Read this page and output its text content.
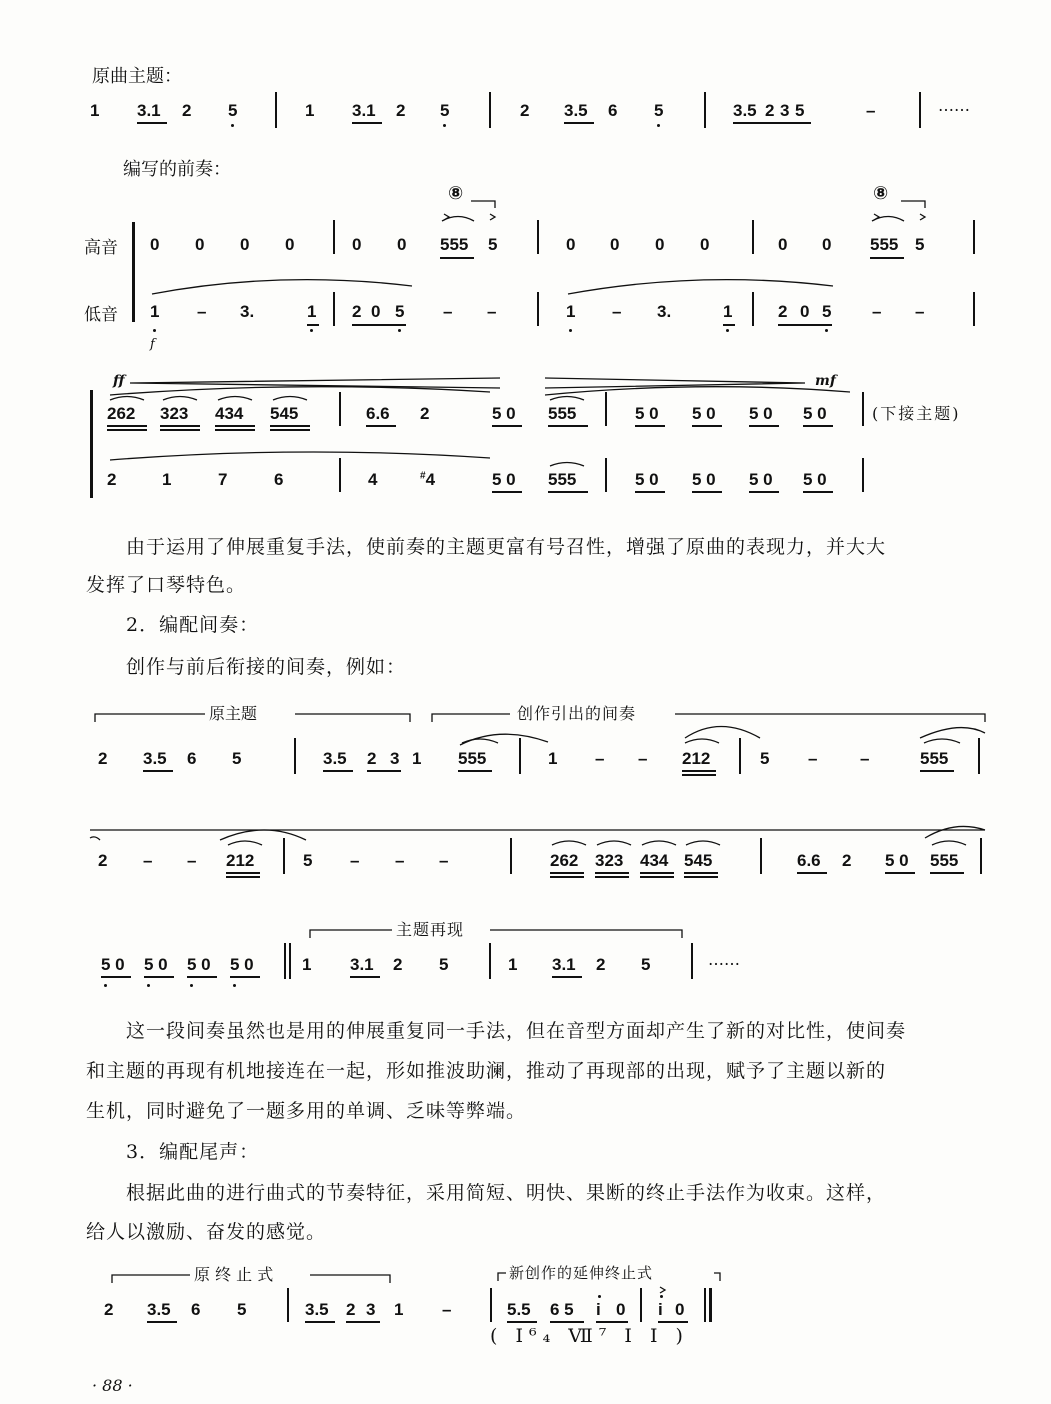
原曲主题：
1 3.1 2 5	1 3.1 2 5	2 3.5 6 5	3.5 2 3 5	–	……
编写的前奏：
高音
低音
⑧	⑧
0 0 0 0	0 0 555 5	0 0 0 0	0 0 555 5
1 – 3.	1 2 0 5 – –	1 – 3.	1	2 0 5 – –
f
ff	mf
262 323 434 545	6.6 2	5 0 555	5 0 5 0 5 0 5 0	(下接主题)
2	1	7	6	4	#4	5 0 555	5 0 5 0 5 0 5 0
由于运用了伸展重复手法，使前奏的主题更富有号召性，增强了原曲的表现力，并大大
发挥了口琴特色。
2．编配间奏：
创作与前后衔接的间奏，例如：
原主题	创作引出的间奏
2 3.5 6 5	3.5 2 3 1 555	1 – – 212	5 –	–	555
2 – – 212	5 – – –	262 323 434 545	6.6 2 5 0 555
主题再现
5 0 5 0 5 0 5 0	1 3.1 2 5	1 3.1 2 5	……
这一段间奏虽然也是用的伸展重复同一手法，但在音型方面却产生了新的对比性，使间奏
和主题的再现有机地接连在一起，形如推波助澜，推动了再现部的出现，赋予了主题以新的
生机，同时避免了一题多用的单调、乏味等弊端。
3．编配尾声：
根据此曲的进行曲式的节奏特征，采用简短、明快、果断的终止手法作为收束。这样，
给人以激励、奋发的感觉。
原 终 止 式	新创作的延伸终止式
2 3.5 6 5	3.5 2 3 1 –	5.5 6 5 i 0 i 0
( Ⅰ⁶₄ Ⅶ⁷ Ⅰ Ⅰ )
· 88 ·
